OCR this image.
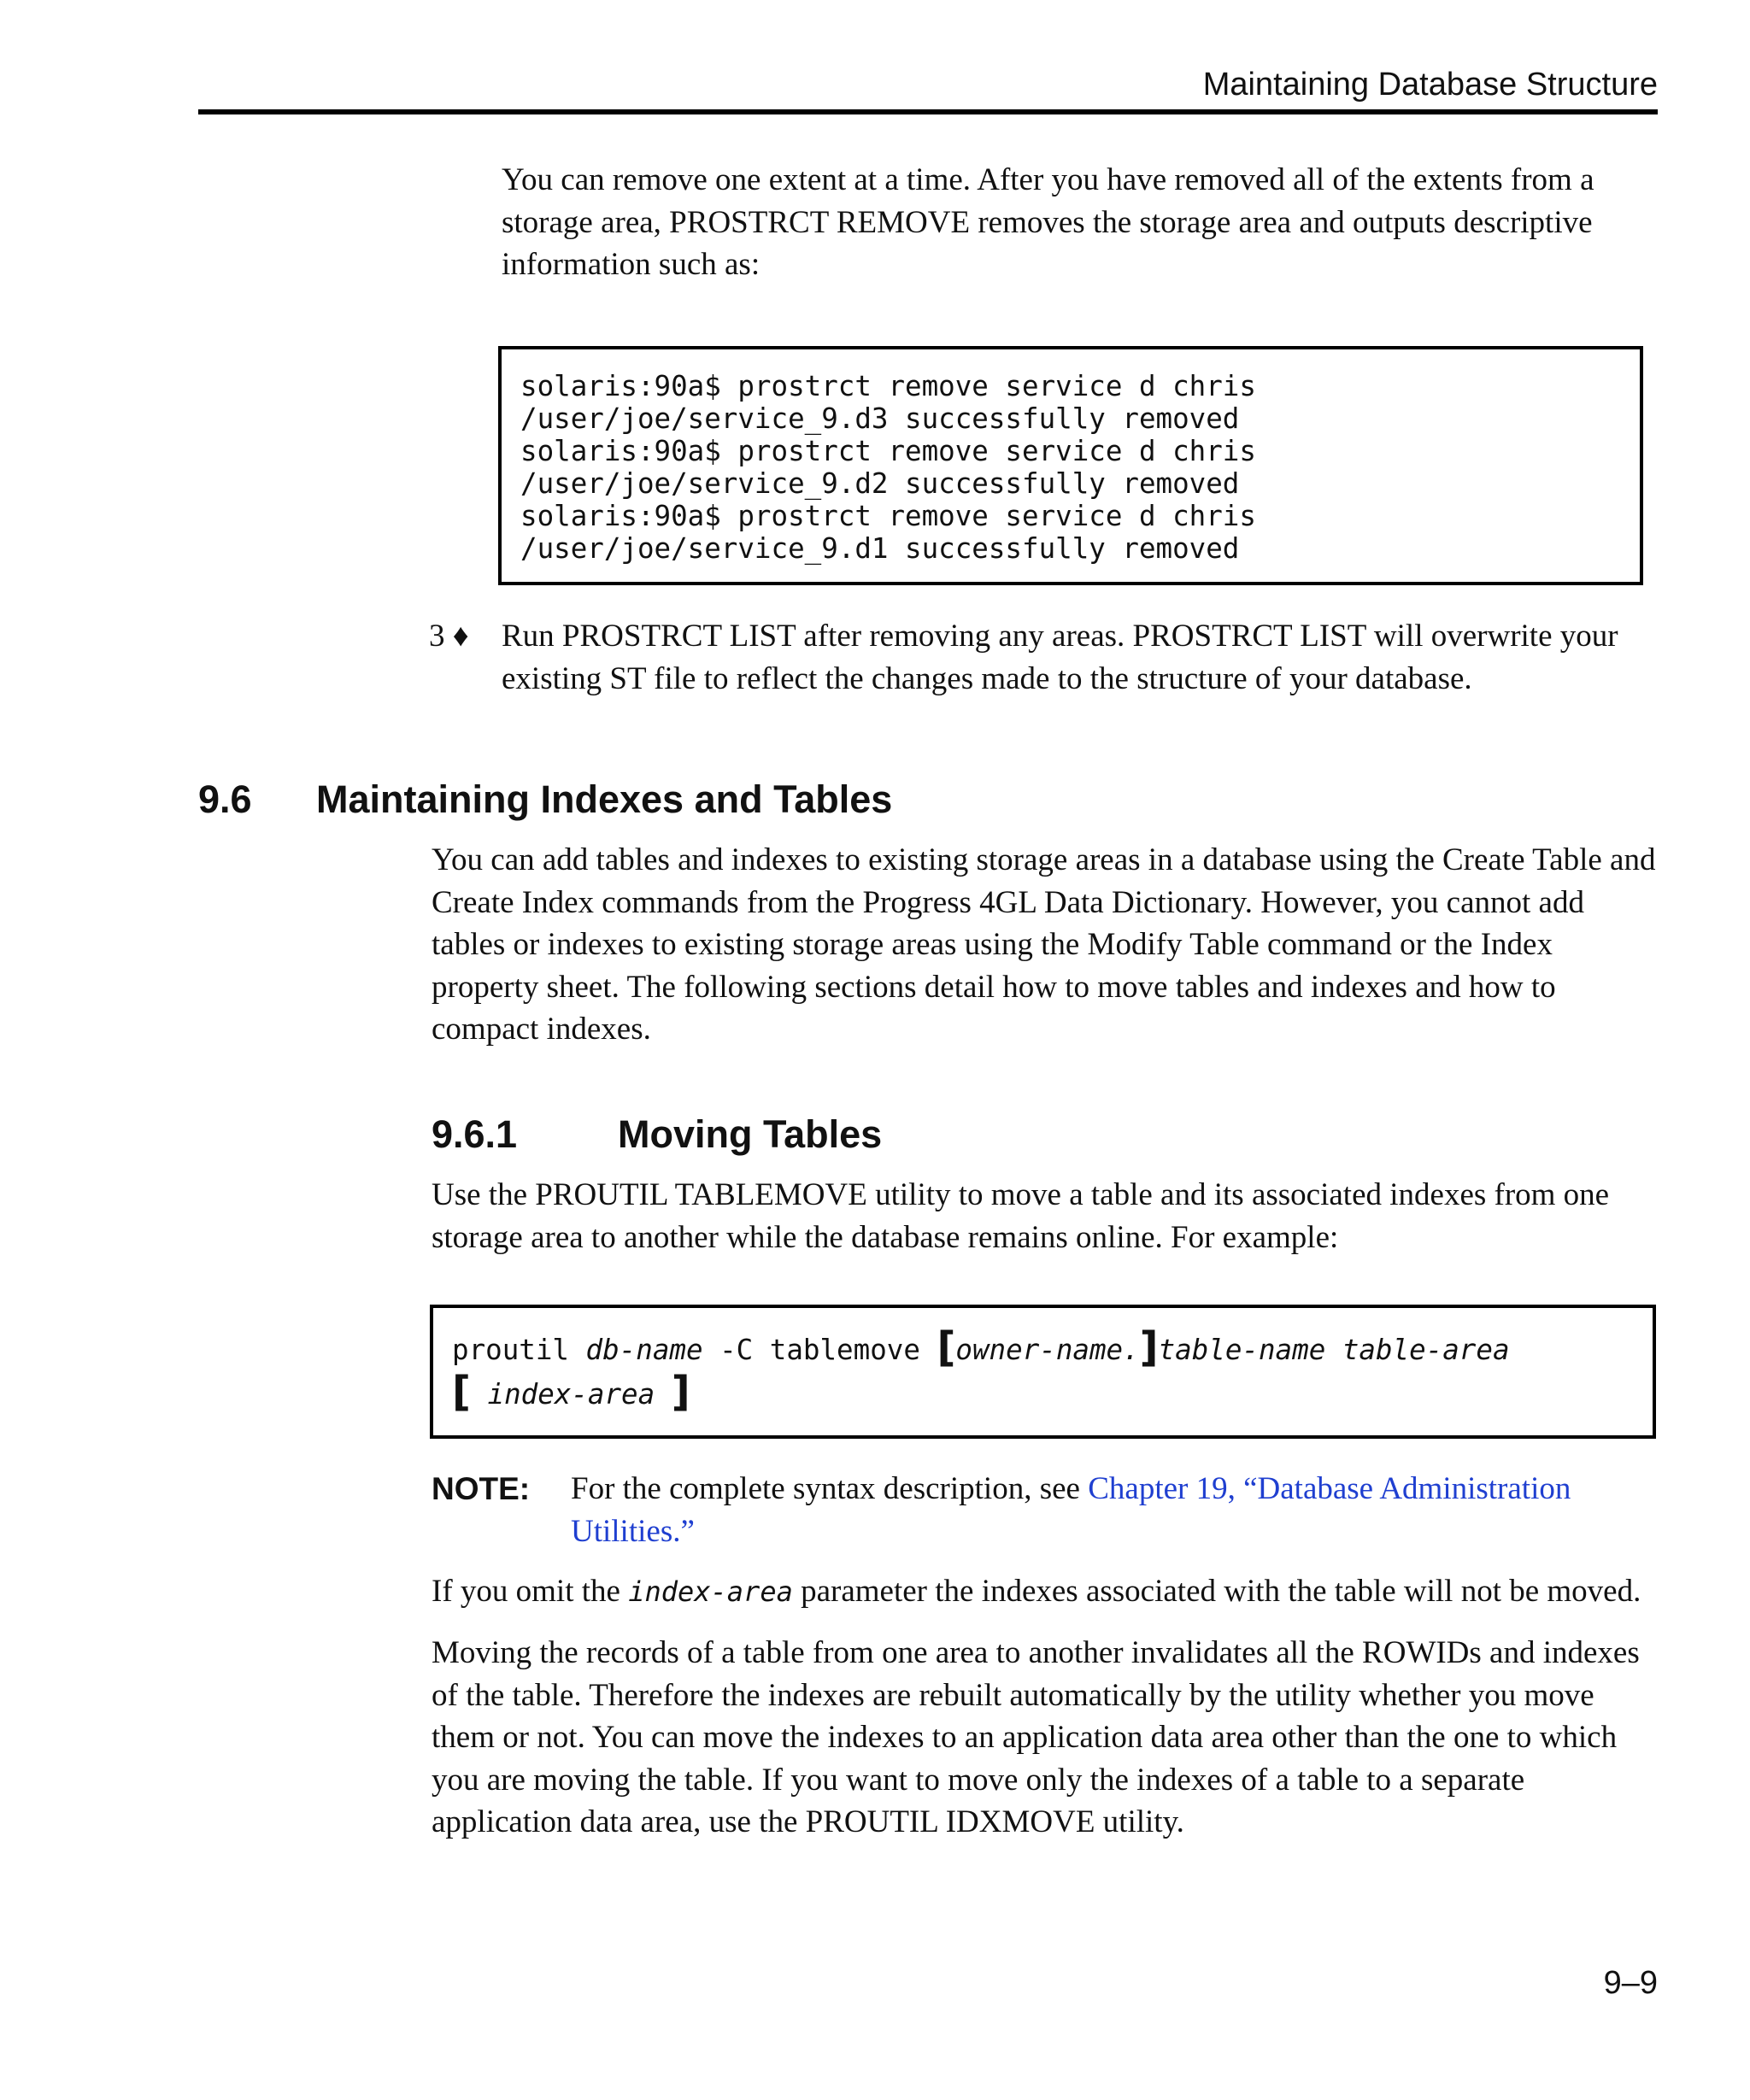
Maintaining Database Structure

You can remove one extent at a time. After you have removed all of the extents from a storage area, PROSTRCT REMOVE removes the storage area and outputs descriptive information such as:

solaris:90a$ prostrct remove service d chris
/user/joe/service_9.d3 successfully removed
solaris:90a$ prostrct remove service d chris
/user/joe/service_9.d2 successfully removed
solaris:90a$ prostrct remove service d chris
/user/joe/service_9.d1 successfully removed
3 ♦ Run PROSTRCT LIST after removing any areas. PROSTRCT LIST will overwrite your existing ST file to reflect the changes made to the structure of your database.

9.6 Maintaining Indexes and Tables

You can add tables and indexes to existing storage areas in a database using the Create Table and Create Index commands from the Progress 4GL Data Dictionary. However, you cannot add tables or indexes to existing storage areas using the Modify Table command or the Index property sheet. The following sections detail how to move tables and indexes and how to compact indexes.

9.6.1	Moving Tables

Use the PROUTIL TABLEMOVE utility to move a table and its associated indexes from one storage area to another while the database remains online. For example:

proutil db-name -C tablemove [owner-name.]table-name table-area
[ index-area ]
NOTE: For the complete syntax description, see Chapter 19, “Database Administration Utilities.”

If you omit the index-area parameter the indexes associated with the table will not be moved.

Moving the records of a table from one area to another invalidates all the ROWIDs and indexes of the table. Therefore the indexes are rebuilt automatically by the utility whether you move them or not. You can move the indexes to an application data area other than the one to which you are moving the table. If you want to move only the indexes of a table to a separate application data area, use the PROUTIL IDXMOVE utility.

9–9
